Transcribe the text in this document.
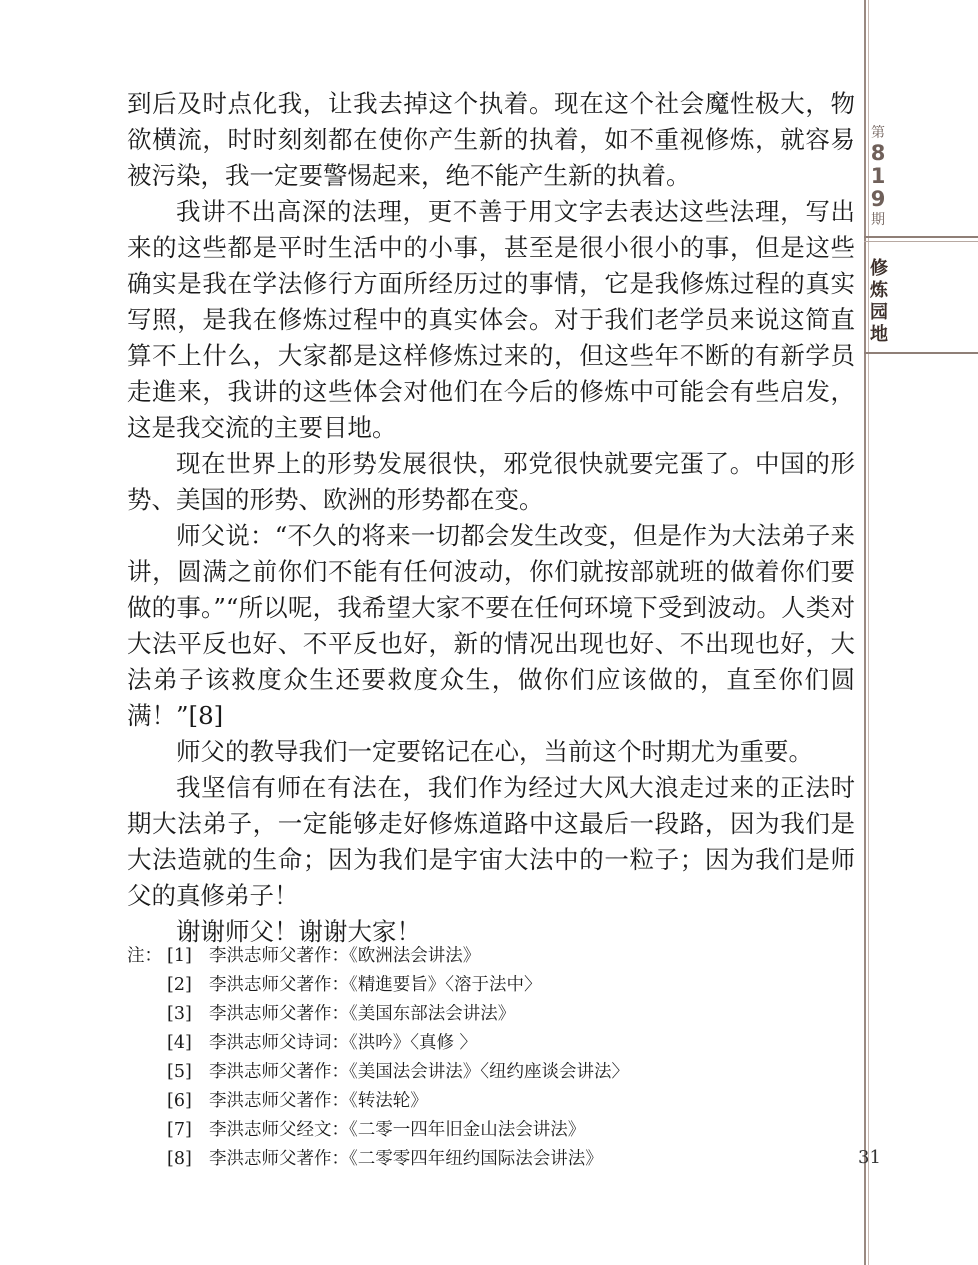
到后及时点化我，让我去掉这个执着。现在这个社会魔性极大，物欲横流，时时刻刻都在使你产生新的执着，如不重视修炼，就容易被污染，我一定要警惕起来，绝不能产生新的执着。

我讲不出高深的法理，更不善于用文字去表达这些法理，写出来的这些都是平时生活中的小事，甚至是很小很小的事，但是这些确实是我在学法修行方面所经历过的事情，它是我修炼过程的真实写照，是我在修炼过程中的真实体会。对于我们老学员来说这简直算不上什么，大家都是这样修炼过来的，但这些年不断的有新学员走進来，我讲的这些体会对他们在今后的修炼中可能会有些启发，这是我交流的主要目地。

现在世界上的形势发展很快，邪党很快就要完蛋了。中国的形势、美国的形势、欧洲的形势都在变。

师父说：“不久的将来一切都会发生改变，但是作为大法弟子来讲，圆满之前你们不能有任何波动，你们就按部就班的做着你们要做的事。”“所以呢，我希望大家不要在任何环境下受到波动。人类对大法平反也好、不平反也好，新的情况出现也好、不出现也好，大法弟子该救度众生还要救度众生，做你们应该做的，直至你们圆满！”[8]

师父的教导我们一定要铭记在心，当前这个时期尤为重要。

我坚信有师在有法在，我们作为经过大风大浪走过来的正法时期大法弟子，一定能够走好修炼道路中这最后一段路，因为我们是大法造就的生命；因为我们是宇宙大法中的一粒子；因为我们是师父的真修弟子！

谢谢师父！谢谢大家！

注： [1] 李洪志师父著作：《欧洲法会讲法》
[2] 李洪志师父著作：《精進要旨》〈溶于法中〉
[3] 李洪志师父著作：《美国东部法会讲法》
[4] 李洪志师父诗词：《洪吟》〈真修 〉
[5] 李洪志师父著作：《美国法会讲法》〈纽约座谈会讲法〉
[6] 李洪志师父著作：《转法轮》
[7] 李洪志师父经文：《二零一四年旧金山法会讲法》
[8] 李洪志师父著作：《二零零四年纽约国际法会讲法》
第
8
1
9
期
修
炼
园
地
31
